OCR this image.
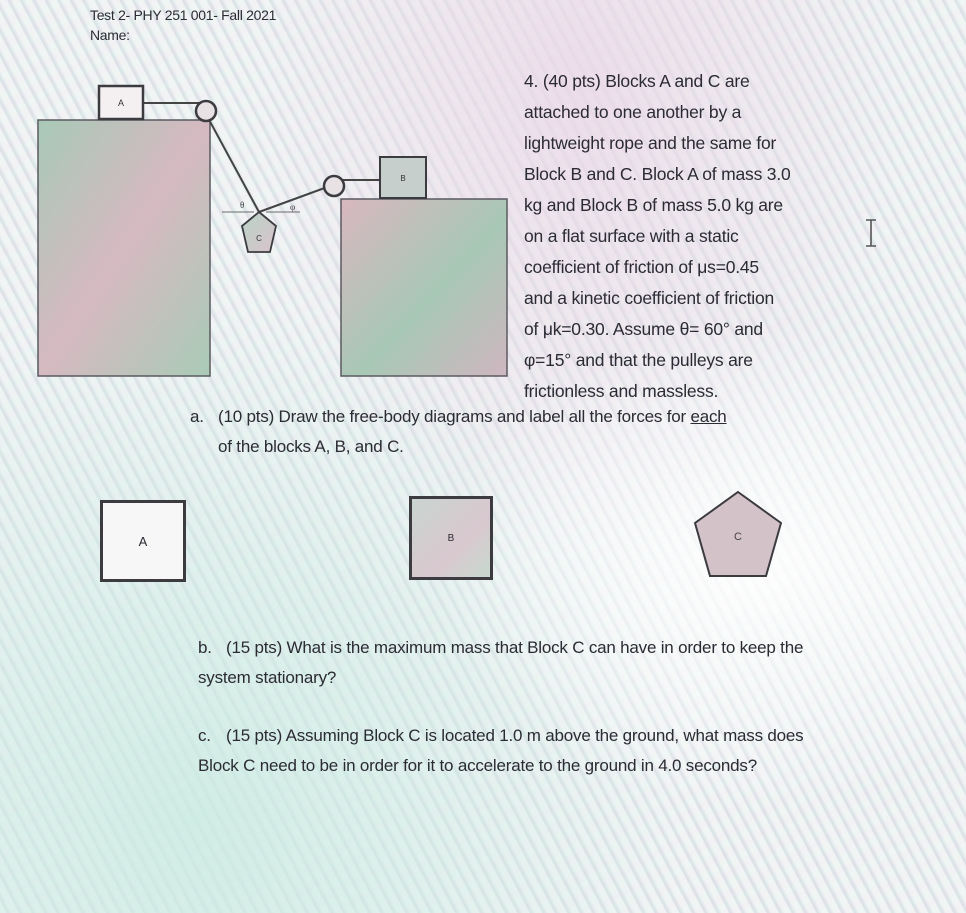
Test 2- PHY 251 001- Fall 2021
Name:
A
B
θ	φ
C
C

4. (40 pts) Blocks A and C are

attached to one another by a

lightweight rope and the same for

Block B and C. Block A of mass 3.0

kg and Block B of mass 5.0 kg are

on a flat surface with a static

coefficient of friction of μs=0.45

and a kinetic coefficient of friction

of μk=0.30. Assume θ= 60° and

φ=15° and that the pulleys are

frictionless and massless.

a. (10 pts) Draw the free-body diagrams and label all the forces for each
of the blocks A, B, and C.
A	B
b. (15 pts) What is the maximum mass that Block C can have in order to keep the system stationary?
c. (15 pts) Assuming Block C is located 1.0 m above the ground, what mass does Block C need to be in order for it to accelerate to the ground in 4.0 seconds?
